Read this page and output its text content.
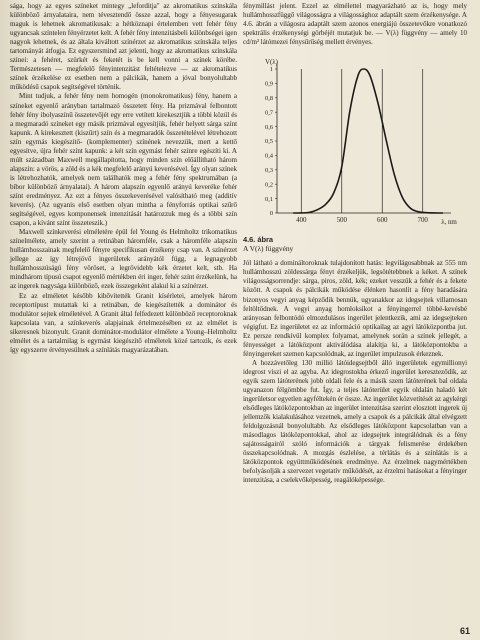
sága, hogy az egyes színeket mintegy „leforditja" az akromatikus színskála különböző árnyalataira, nem tévesztendő össze azzal, hogy a fényesugarak maguk is lehetnek akromatikusak: a hétköznapi értelemben vett fehér fény ugyancsak színtelen fényérzetet kelt. A fehér fény intenzitásbeli különbségei igen nagyok lehetnek, és az általa kiváltott színérzet az akromatikus színskála teljes tartományát átfogja. Ez egyszersmind azt jelenti, hogy az akromatikus színskála színei: a fehéret, szürkét és feketét is be kell vonni a színek körébe. Természetesen — megfelelő fényintenzitást feltételezve — az akromatikus színek érzékelése ez esetben nem a pálcikák, hanem a jóval bonyolultabb működésű csapok segítségével történik.

Mint tudjuk, a fehér fény nem homogén (monokromatikus) fény, hanem a színeket egyenlő arányban tartalmazó összetett fény. Ha prizmával felbontott fehér fény ibolyaszínű összetevőjét egy erre vetített kirekesztjük a többi közül és a megmaradó színeket egy másik prizmával egyesítjük, fehér helyett sárga színt kapunk. A kirekesztett (kiszűrt) szín és a megmaradók összetételével létrehozott szín egymás kiegészítő- (komplementer) színének nevezzük, mert a kettő egyesítve, újra fehér színt kapunk: a két szín egymást fehér színre egészíti ki. A múlt században Maxwell megállapította, hogy minden szín előállítható három alapszín: a vörös, a zöld és a kék megfelelő arányú keverésével. Így olyan színek is létrehozhatók, amelyek nem találhatók meg a fehér fény spektrumában (a bíbor különböző árnyalatai). A három alapszín egyenlő arányú keveréke fehér színt eredményez. Az ezt a fényes összekeverésével valósítható meg (additív keverés). (Az ugyanis első esetben olyan mintha a fényforrás optikai szűrő segítségével, egyes komponensek intenzitását határozzuk meg és a többi szín csapon, a kívánt színt összeteszik.)

Maxwell színkeverési elméletére épül fel Young és Helmholtz trikomatikus színelmélete, amely szerint a retinában háromféle, csak a háromféle alapszín hullámhosszainak megfelelő fényre specifikusan érzékeny csap van. A színérzet jellege az így létrejövő ingerületek arányától függ, a legnagyobb hullámhosszúságú fény vöröset, a legrövidebb kék érzetet kelt, stb. Ha mindhárom típusú csapot egyenlő mértékben éri inger, fehér színt érzékelünk, ha az ingerek nagysága különböző, ezek összegeként alakul ki a színérzet.

Ez az elméletet később kibővítették Granit kísérletei, amelyek három receptortípust mutattak ki a retinában, de kiegészítették a dominátor és modulátor sejtek elméletével. A Granit által felfedezett különböző receptoroknak kapcsolata van, a színkeverés alapjainak értelmezésében ez az elmélet is sikeresnek bizonyult. Granit dominátor-modulátor elmélete a Young–Helmholtz elmélet és a tartalmilag is egymást kiegészítő elméletek közé tartozik, és ezek így egyszerre érvényesülnek a színlátás magyarázatában.

fénymillást jelent. Ezzel az elmélettel magyarázható az is, hogy mely hullámhosszfüggő világosságra a világossághoz adaptált szem érzékenysége. A 4.6. ábrán a világosra adaptált szem azonos energiájú összetevőkre vonatkozó spektrális érzékenységi görbéjét mutatjuk be. — V(λ) függvény — amely 10 cd/m² látómezei fénysűrűség mellett érvényes.

V(λ)
λ, nm
1
0,9
0,8
0,7
0,6
0,5
0,4
0,3
0,2
0,1
0
400	500	600	700
4.6. ábra
A V(λ) függvény

Jól látható a domináltoroknak tulajdonított hatás: legvilágosabbnak az 555 nm hullámhosszú zöldessárga fényt érzékeljük, legsötétebbnek a kéket. A színek világosságsorrendje: sárga, piros, zöld, kék; ezeket vesszük a fehér és a fekete között. A csapok és pálcikák működése élénken hasonlít a fény haradására bizonyos vegyi anyag képződik bennük, ugyanakkor az idegsejtek villamosan feltöltődnek. A vegyi anyag homloksíkot a fényingerrel többé-kevésbé arányosan felbontódó elmozdulásos ingerület jelentkezik, ami az idegsejteken végigfut. Ez ingerületet ez az információ optikailag az agyi látóközpontba jut. Ez persze rendkívül komplex folyamat, amelynek során a színek jellegét, a fényességet a látóközpont aktiválódása alakítja ki, a látóközpontokba a fényingereket szemen kapcsolódnak, az ingerület impulzusok érkeznek.

A hozzávetőleg 130 millió látóidegsejtből álló ingerületek egymillionyi idegrost viszi el az agyba. Az idegrostokba érkező ingerület kereszteződik, az egyik szem látóterének jobb oldali fele és a másik szem látóterének bal oldala ugyanazon félgömbbe fut. Így, a teljes látóterület egyik oldalán haladó két ingerületsor egyetlen agyféltekén ér össze. Az ingerület közvetítését az agykérgi elsődleges látóközpontokban az ingerület intenzitása szerint elosztott ingerek új jellemzők kialakulásához vezetnek, amely a csapok és a pálcikák által elvégzett feldolgozásnál bonyolultabb. Az elsődleges látóközpont kapcsolatban van a másodlagos látóközpontokkal, ahol az idegsejtek integrálódnak és a fény sajátosságairól szóló információk a tárgyak felismerése érdekében összekapcsolódnak. A mozgás észlelése, a térlátás és a színlátás is a látóközpontok együttműködésének eredménye. Az érzelmek nagymértékben befolyásolják a szervezet vegetatív működését, az érzelmi hatásokat a fényinger intenzitása, a cselekvőképesség, reagálóképessége.

61
